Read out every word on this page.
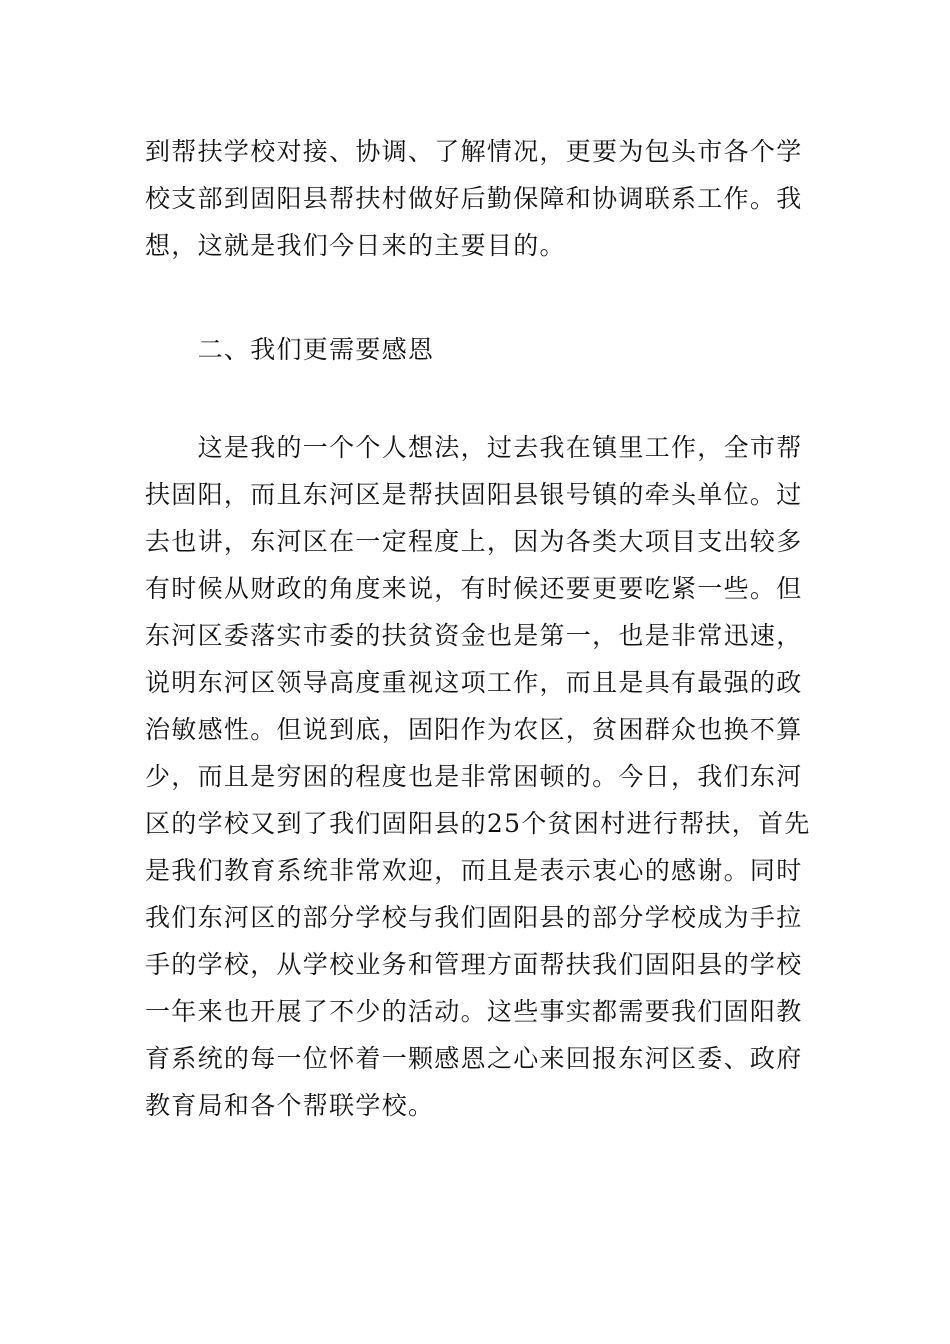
到帮扶学校对接、协调、了解情况，更要为包头市各个学
校支部到固阳县帮扶村做好后勤保障和协调联系工作。我
想，这就是我们今日来的主要目的。
　　二、我们更需要感恩
　　这是我的一个个人想法，过去我在镇里工作，全市帮
扶固阳，而且东河区是帮扶固阳县银号镇的牵头单位。过
去也讲，东河区在一定程度上，因为各类大项目支出较多
有时候从财政的角度来说，有时候还要更要吃紧一些。但
东河区委落实市委的扶贫资金也是第一，也是非常迅速，
说明东河区领导高度重视这项工作，而且是具有最强的政
治敏感性。但说到底，固阳作为农区，贫困群众也换不算
少，而且是穷困的程度也是非常困顿的。今日，我们东河
区的学校又到了我们固阳县的25个贫困村进行帮扶，首先
是我们教育系统非常欢迎，而且是表示衷心的感谢。同时
我们东河区的部分学校与我们固阳县的部分学校成为手拉
手的学校，从学校业务和管理方面帮扶我们固阳县的学校
一年来也开展了不少的活动。这些事实都需要我们固阳教
育系统的每一位怀着一颗感恩之心来回报东河区委、政府
教育局和各个帮联学校。
